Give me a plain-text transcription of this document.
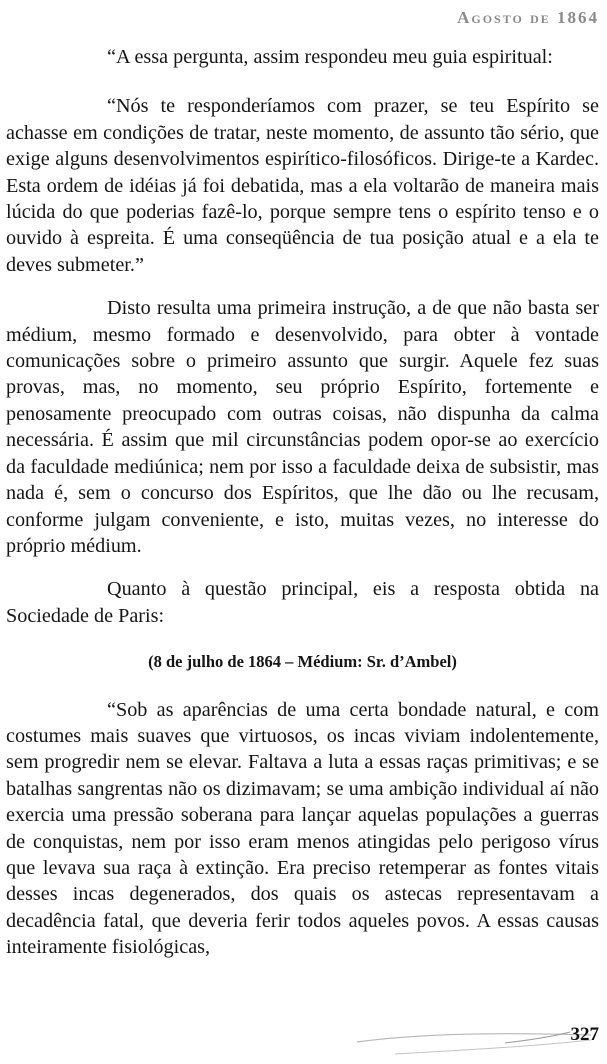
Agosto de 1864

“A essa pergunta, assim respondeu meu guia espiritual:

“Nós te responderíamos com prazer, se teu Espírito se achasse em condições de tratar, neste momento, de assunto tão sério, que exige alguns desenvolvimentos espirítico-filosóficos. Dirige-te a Kardec. Esta ordem de idéias já foi debatida, mas a ela voltarão de maneira mais lúcida do que poderias fazê-lo, porque sempre tens o espírito tenso e o ouvido à espreita. É uma conseqüência de tua posição atual e a ela te deves submeter.”

Disto resulta uma primeira instrução, a de que não basta ser médium, mesmo formado e desenvolvido, para obter à vontade comunicações sobre o primeiro assunto que surgir. Aquele fez suas provas, mas, no momento, seu próprio Espírito, fortemente e penosamente preocupado com outras coisas, não dispunha da calma necessária. É assim que mil circunstâncias podem opor-se ao exercício da faculdade mediúnica; nem por isso a faculdade deixa de subsistir, mas nada é, sem o concurso dos Espíritos, que lhe dão ou lhe recusam, conforme julgam conveniente, e isto, muitas vezes, no interesse do próprio médium.

Quanto à questão principal, eis a resposta obtida na Sociedade de Paris:

(8 de julho de 1864 – Médium: Sr. d’Ambel)

“Sob as aparências de uma certa bondade natural, e com costumes mais suaves que virtuosos, os incas viviam indolentemente, sem progredir nem se elevar. Faltava a luta a essas raças primitivas; e se batalhas sangrentas não os dizimavam; se uma ambição individual aí não exercia uma pressão soberana para lançar aquelas populações a guerras de conquistas, nem por isso eram menos atingidas pelo perigoso vírus que levava sua raça à extinção. Era preciso retemperar as fontes vitais desses incas degenerados, dos quais os astecas representavam a decadência fatal, que deveria ferir todos aqueles povos. A essas causas inteiramente fisiológicas,

327
